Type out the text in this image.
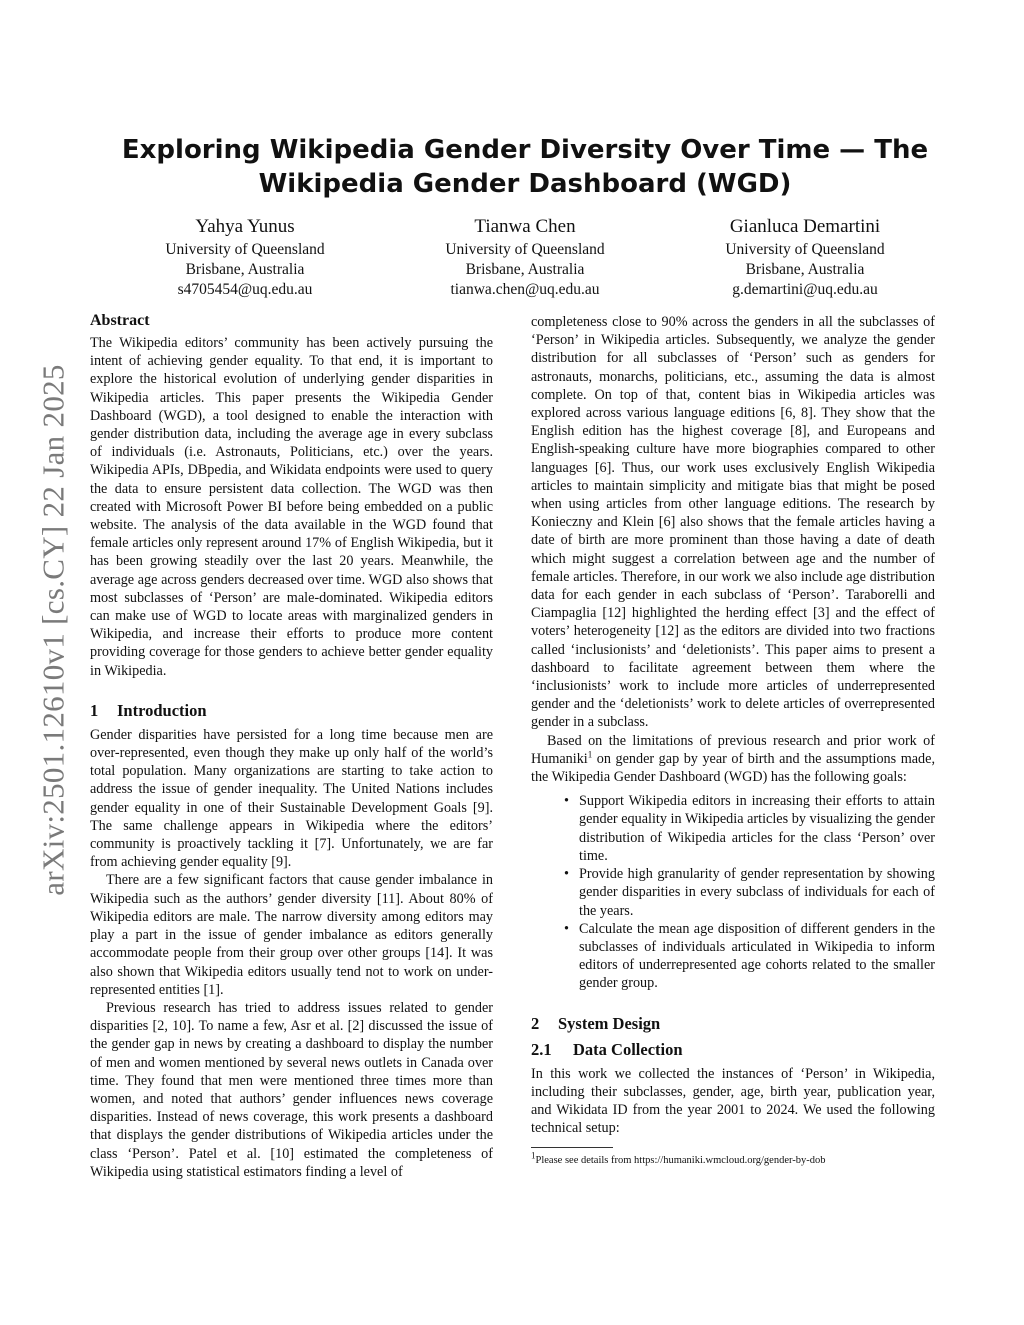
arXiv:2501.12610v1 [cs.CY] 22 Jan 2025
Exploring Wikipedia Gender Diversity Over Time — The Wikipedia Gender Dashboard (WGD)
Yahya Yunus
University of Queensland
Brisbane, Australia
s4705454@uq.edu.au
Tianwa Chen
University of Queensland
Brisbane, Australia
tianwa.chen@uq.edu.au
Gianluca Demartini
University of Queensland
Brisbane, Australia
g.demartini@uq.edu.au
Abstract

The Wikipedia editors’ community has been actively pursuing the intent of achieving gender equality. To that end, it is important to explore the historical evolution of underlying gender disparities in Wikipedia articles. This paper presents the Wikipedia Gender Dashboard (WGD), a tool designed to enable the interaction with gender distribution data, including the average age in every subclass of individuals (i.e. Astronauts, Politicians, etc.) over the years. Wikipedia APIs, DBpedia, and Wikidata endpoints were used to query the data to ensure persistent data collection. The WGD was then created with Microsoft Power BI before being embedded on a public website. The analysis of the data available in the WGD found that female articles only represent around 17% of English Wikipedia, but it has been growing steadily over the last 20 years. Meanwhile, the average age across genders decreased over time. WGD also shows that most subclasses of ‘Person’ are male-dominated. Wikipedia editors can make use of WGD to locate areas with marginalized genders in Wikipedia, and increase their efforts to produce more content providing coverage for those genders to achieve better gender equality in Wikipedia.

1 Introduction

Gender disparities have persisted for a long time because men are over-represented, even though they make up only half of the world’s total population. Many organizations are starting to take action to address the issue of gender inequality. The United Nations includes gender equality in one of their Sustainable Development Goals [9]. The same challenge appears in Wikipedia where the editors’ community is proactively tackling it [7]. Unfortunately, we are far from achieving gender equality [9].

There are a few significant factors that cause gender imbalance in Wikipedia such as the authors’ gender diversity [11]. About 80% of Wikipedia editors are male. The narrow diversity among editors may play a part in the issue of gender imbalance as editors generally accommodate people from their group over other groups [14]. It was also shown that Wikipedia editors usually tend not to work on under-represented entities [1].

Previous research has tried to address issues related to gender disparities [2, 10]. To name a few, Asr et al. [2] discussed the issue of the gender gap in news by creating a dashboard to display the number of men and women mentioned by several news outlets in Canada over time. They found that men were mentioned three times more than women, and noted that authors’ gender influences news coverage disparities. Instead of news coverage, this work presents a dashboard that displays the gender distributions of Wikipedia articles under the class ‘Person’. Patel et al. [10] estimated the completeness of Wikipedia using statistical estimators finding a level of

completeness close to 90% across the genders in all the subclasses of ‘Person’ in Wikipedia articles. Subsequently, we analyze the gender distribution for all subclasses of ‘Person’ such as genders for astronauts, monarchs, politicians, etc., assuming the data is almost complete. On top of that, content bias in Wikipedia articles was explored across various language editions [6, 8]. They show that the English edition has the highest coverage [8], and Europeans and English-speaking culture have more biographies compared to other languages [6]. Thus, our work uses exclusively English Wikipedia articles to maintain simplicity and mitigate bias that might be posed when using articles from other language editions. The research by Konieczny and Klein [6] also shows that the female articles having a date of birth are more prominent than those having a date of death which might suggest a correlation between age and the number of female articles. Therefore, in our work we also include age distribution data for each gender in each subclass of ‘Person’. Taraborelli and Ciampaglia [12] highlighted the herding effect [3] and the effect of voters’ heterogeneity [12] as the editors are divided into two fractions called ‘inclusionists’ and ‘deletionists’. This paper aims to present a dashboard to facilitate agreement between them where the ‘inclusionists’ work to include more articles of underrepresented gender and the ‘deletionists’ work to delete articles of overrepresented gender in a subclass.

Based on the limitations of previous research and prior work of Humaniki$^1$ on gender gap by year of birth and the assumptions made, the Wikipedia Gender Dashboard (WGD) has the following goals:

• Support Wikipedia editors in increasing their efforts to attain gender equality in Wikipedia articles by visualizing the gender distribution of Wikipedia articles for the class ‘Person’ over time.
• Provide high granularity of gender representation by showing gender disparities in every subclass of individuals for each of the years.
• Calculate the mean age disposition of different genders in the subclasses of individuals articulated in Wikipedia to inform editors of underrepresented age cohorts related to the smaller gender group.
2 System Design
2.1 Data Collection

In this work we collected the instances of ‘Person’ in Wikipedia, including their subclasses, gender, age, birth year, publication year, and Wikidata ID from the year 2001 to 2024. We used the following technical setup:

$^1$Please see details from https://humaniki.wmcloud.org/gender-by-dob
